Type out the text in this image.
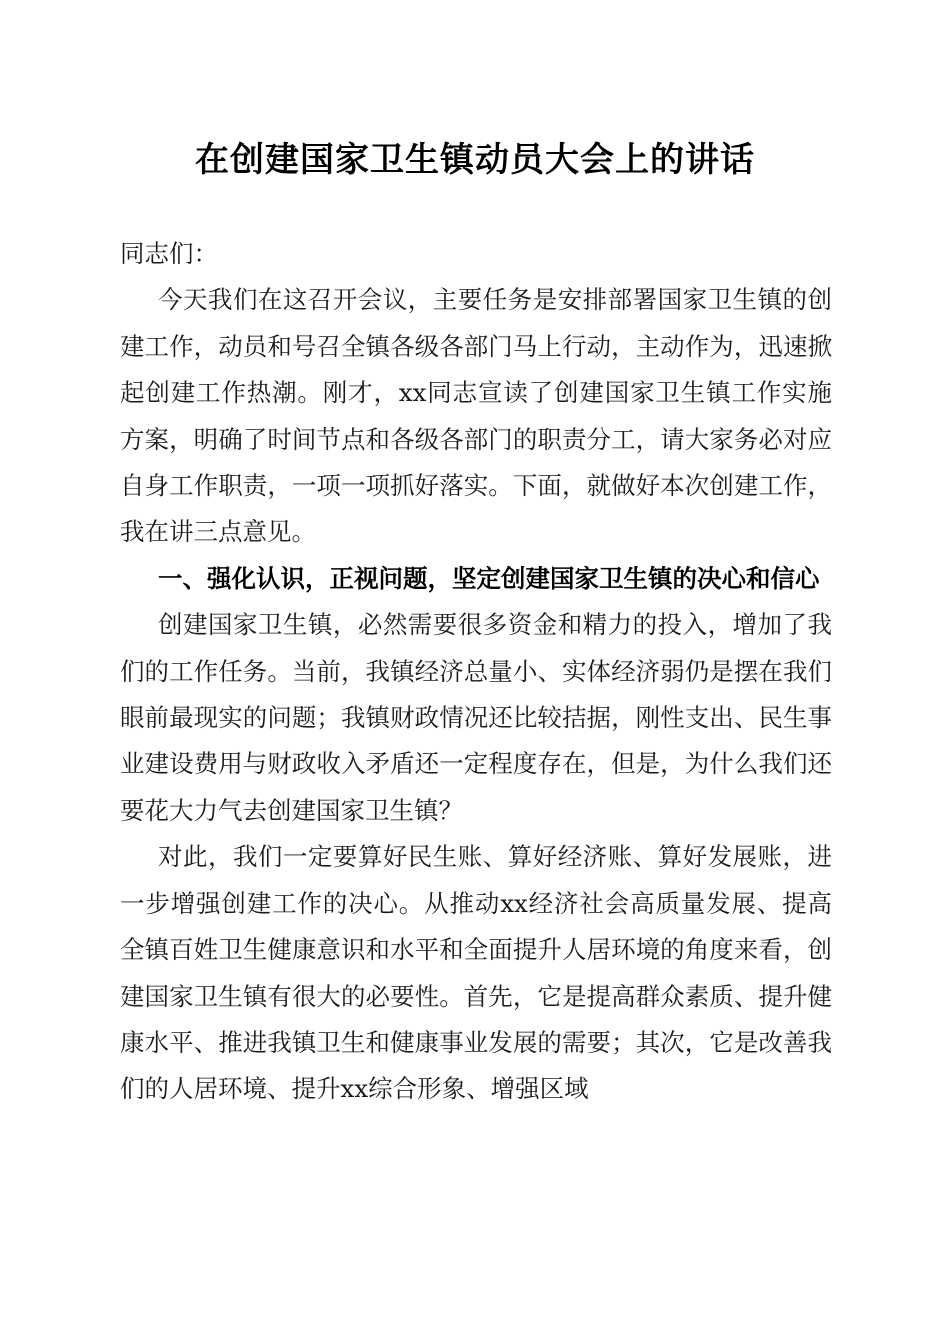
在创建国家卫生镇动员大会上的讲话

同志们：

今天我们在这召开会议，主要任务是安排部署国家卫生镇的创建工作，动员和号召全镇各级各部门马上行动，主动作为，迅速掀起创建工作热潮。刚才，xx同志宣读了创建国家卫生镇工作实施方案，明确了时间节点和各级各部门的职责分工，请大家务必对应自身工作职责，一项一项抓好落实。下面，就做好本次创建工作，我在讲三点意见。

一、强化认识，正视问题，坚定创建国家卫生镇的决心和信心

创建国家卫生镇，必然需要很多资金和精力的投入，增加了我们的工作任务。当前，我镇经济总量小、实体经济弱仍是摆在我们眼前最现实的问题；我镇财政情况还比较拮据，刚性支出、民生事业建设费用与财政收入矛盾还一定程度存在，但是，为什么我们还要花大力气去创建国家卫生镇？

对此，我们一定要算好民生账、算好经济账、算好发展账，进一步增强创建工作的决心。从推动xx经济社会高质量发展、提高全镇百姓卫生健康意识和水平和全面提升人居环境的角度来看，创建国家卫生镇有很大的必要性。首先，它是提高群众素质、提升健康水平、推进我镇卫生和健康事业发展的需要；其次，它是改善我们的人居环境、提升xx综合形象、增强区域
